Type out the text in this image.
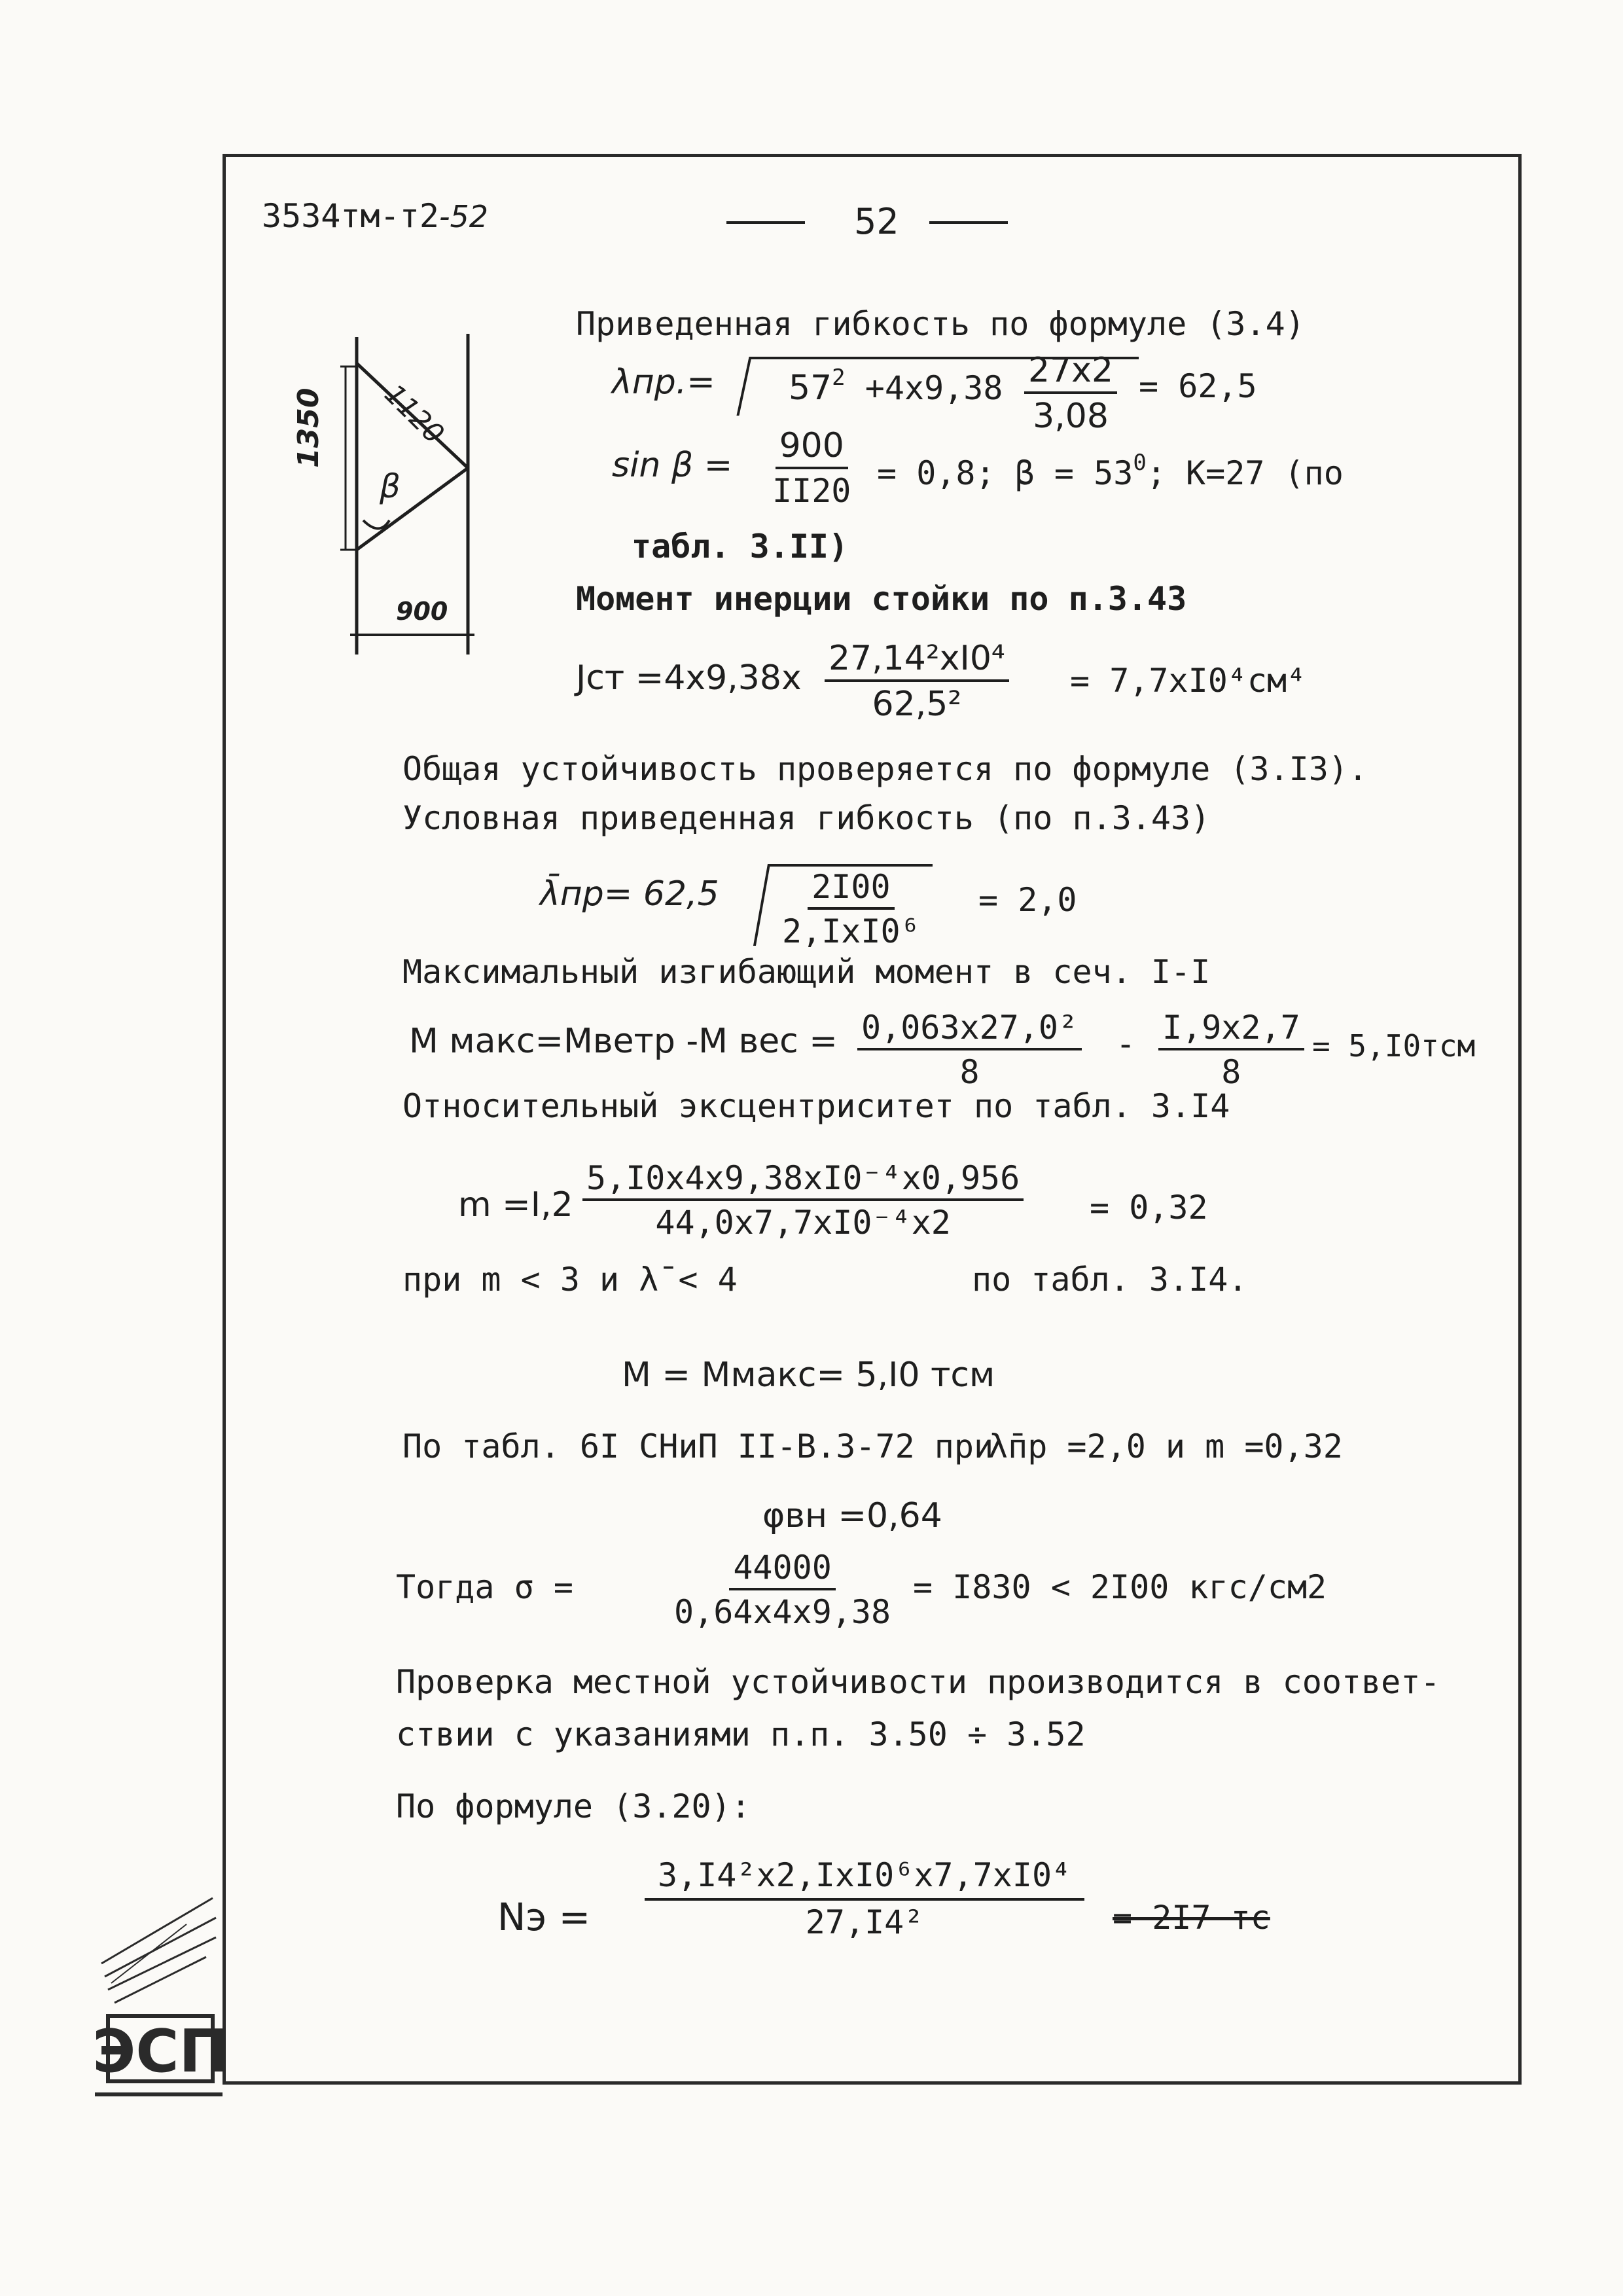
3534тм-т2-52	52
1350 1120
β
900
Приведенная гибкость по формуле (3.4)
$\lambda пр.= 57^2 +4x9,38 \frac{27x2}{3,08} = 62,5$
$\sin \beta = \frac{900}{II20} = 0,8$; $\beta = 53^0$; K=27 (по
табл. 3.II)
Момент инерции стойки по п.3.43
Jст $=4x9,38x \frac{\text{27,14²xI0⁴}}{\text{62,5²}} = 7,7xI0^4см^4$
Общая устойчивость проверяется по формуле (3.I3).
Условная приведенная гибкость (по п.3.43)
λ̄пр= 62,5	2I00
2,IxI0⁶
= 2,0
Максимальный изгибающий момент в сеч. I-I
M макс=Mветр -M вес = $\frac{\text{0,063x27,0²}}{8} - \frac{I,9x2,7}{8} = 5,I0тсм$
Относительный эксцентриситет по табл. 3.I4
$m =I,2 \frac{\text{5,I0x4x9,38xI0⁻⁴x0,956}}{\text{44,0x7,7xI0⁻⁴x2}} = 0,32$
при m < 3 и λ̄ < 4	по табл. 3.I4.
M = Mмакс= 5,I0 тсм
По табл. 6I СНиП II-В.3-72 при
λ̄пр =2,0 и m =0,32
φвн =0,64
Тогда σ =	$\frac{44000}{0,64x4x9,38} = I830 < 2I00$ кгс/см2
Проверка местной устойчивости производится в соответ-
ствии с указаниями п.п. 3.50 ÷ 3.52
По формуле (3.20):
Nэ =
3,I4²x2,IxI0⁶x7,7xI0⁴
27,I4²	= 2I7 тс
ЭСП
